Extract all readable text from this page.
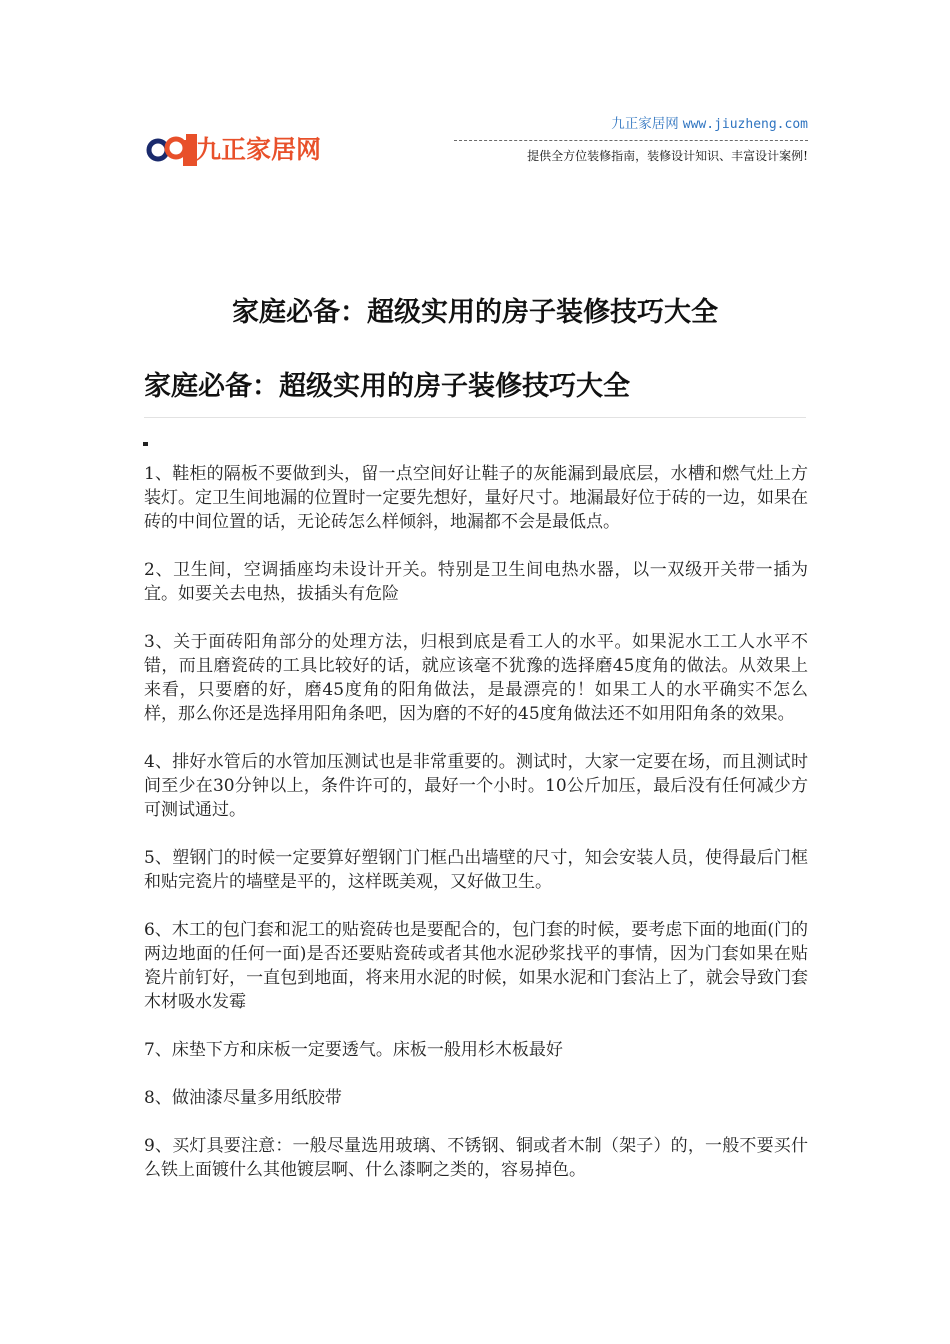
九正家居网
九正家居网 www.jiuzheng.com
提供全方位装修指南，装修设计知识、丰富设计案例!
家庭必备：超级实用的房子装修技巧大全
家庭必备：超级实用的房子装修技巧大全

1、鞋柜的隔板不要做到头，留一点空间好让鞋子的灰能漏到最底层，水槽和燃气灶上方装灯。定卫生间地漏的位置时一定要先想好，量好尺寸。地漏最好位于砖的一边，如果在砖的中间位置的话，无论砖怎么样倾斜，地漏都不会是最低点。

2、卫生间，空调插座均未设计开关。特别是卫生间电热水器，以一双级开关带一插为宜。如要关去电热，拔插头有危险

3、关于面砖阳角部分的处理方法，归根到底是看工人的水平。如果泥水工工人水平不错，而且磨瓷砖的工具比较好的话，就应该毫不犹豫的选择磨45度角的做法。从效果上来看，只要磨的好，磨45度角的阳角做法，是最漂亮的！如果工人的水平确实不怎么样，那么你还是选择用阳角条吧，因为磨的不好的45度角做法还不如用阳角条的效果。

4、排好水管后的水管加压测试也是非常重要的。测试时，大家一定要在场，而且测试时间至少在30分钟以上，条件许可的，最好一个小时。10公斤加压，最后没有任何减少方可测试通过。

5、塑钢门的时候一定要算好塑钢门门框凸出墙壁的尺寸，知会安装人员，使得最后门框和贴完瓷片的墙壁是平的，这样既美观，又好做卫生。

6、木工的包门套和泥工的贴瓷砖也是要配合的，包门套的时候，要考虑下面的地面(门的两边地面的任何一面)是否还要贴瓷砖或者其他水泥砂浆找平的事情，因为门套如果在贴瓷片前钉好，一直包到地面，将来用水泥的时候，如果水泥和门套沾上了，就会导致门套木材吸水发霉

7、床垫下方和床板一定要透气。床板一般用杉木板最好

8、做油漆尽量多用纸胶带

9、买灯具要注意：一般尽量选用玻璃、不锈钢、铜或者木制（架子）的，一般不要买什么铁上面镀什么其他镀层啊、什么漆啊之类的，容易掉色。
